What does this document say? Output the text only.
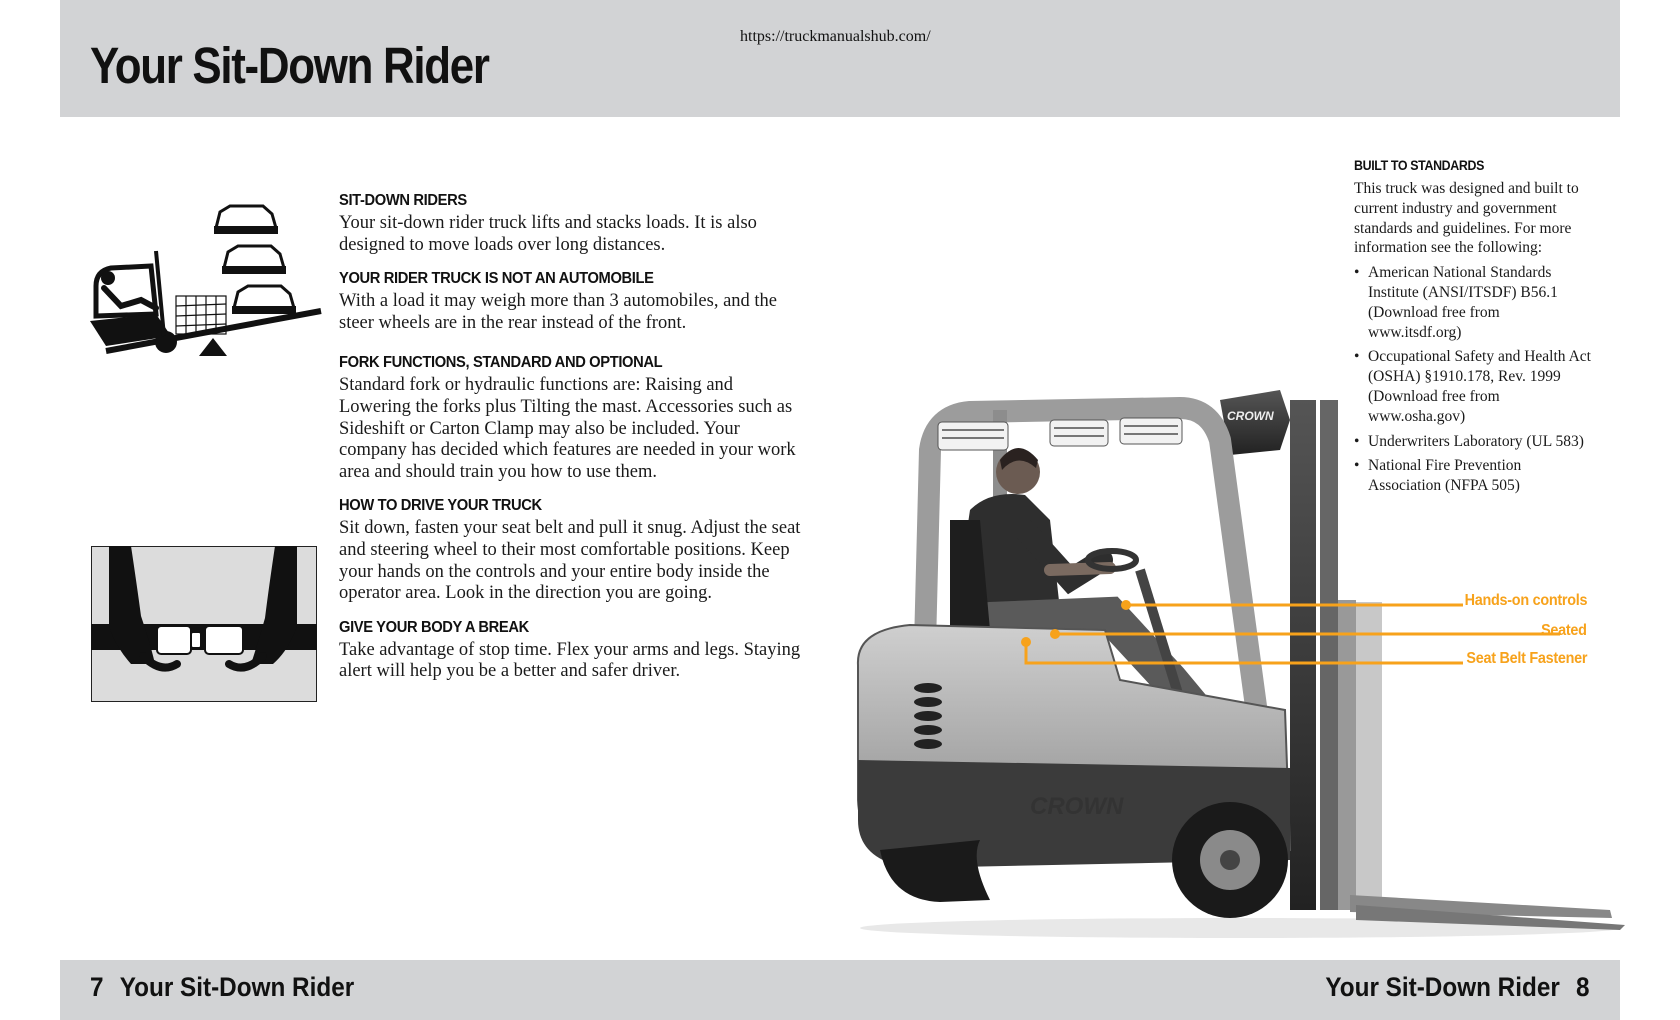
Your Sit-Down Rider
https://truckmanualshub.com/
SIT-DOWN RIDERS

Your sit-down rider truck lifts and stacks loads. It is also designed to move loads over long distances.

YOUR RIDER TRUCK IS NOT AN AUTOMOBILE

With a load it may weigh more than 3 automobiles, and the steer wheels are in the rear instead of the front.

FORK FUNCTIONS, STANDARD AND OPTIONAL

Standard fork or hydraulic functions are: Raising and Lowering the forks plus Tilting the mast. Accessories such as Sideshift or Carton Clamp may also be included. Your company has decided which features are needed in your work area and should train you how to use them.

HOW TO DRIVE YOUR TRUCK

Sit down, fasten your seat belt and pull it snug. Adjust the seat and steering wheel to their most comfortable positions. Keep your hands on the controls and your entire body inside the operator area. Look in the direction you are going.

GIVE YOUR BODY A BREAK

Take advantage of stop time. Flex your arms and legs. Staying alert will help you be a better and safer driver.

BUILT TO STANDARDS

This truck was designed and built to current industry and government standards and guidelines. For more information see the following:

• American National Standards Institute (ANSI/ITSDF) B56.1 (Download free from www.itsdf.org)
• Occupational Safety and Health Act (OSHA) §1910.178, Rev. 1999 (Download free from www.osha.gov)
• Underwriters Laboratory (UL 583)
• National Fire Prevention Association (NFPA 505)
CROWN
CROWN
Hands-on controls
Seated
Seat Belt Fastener
7 Your Sit-Down Rider	Your Sit-Down Rider 8
